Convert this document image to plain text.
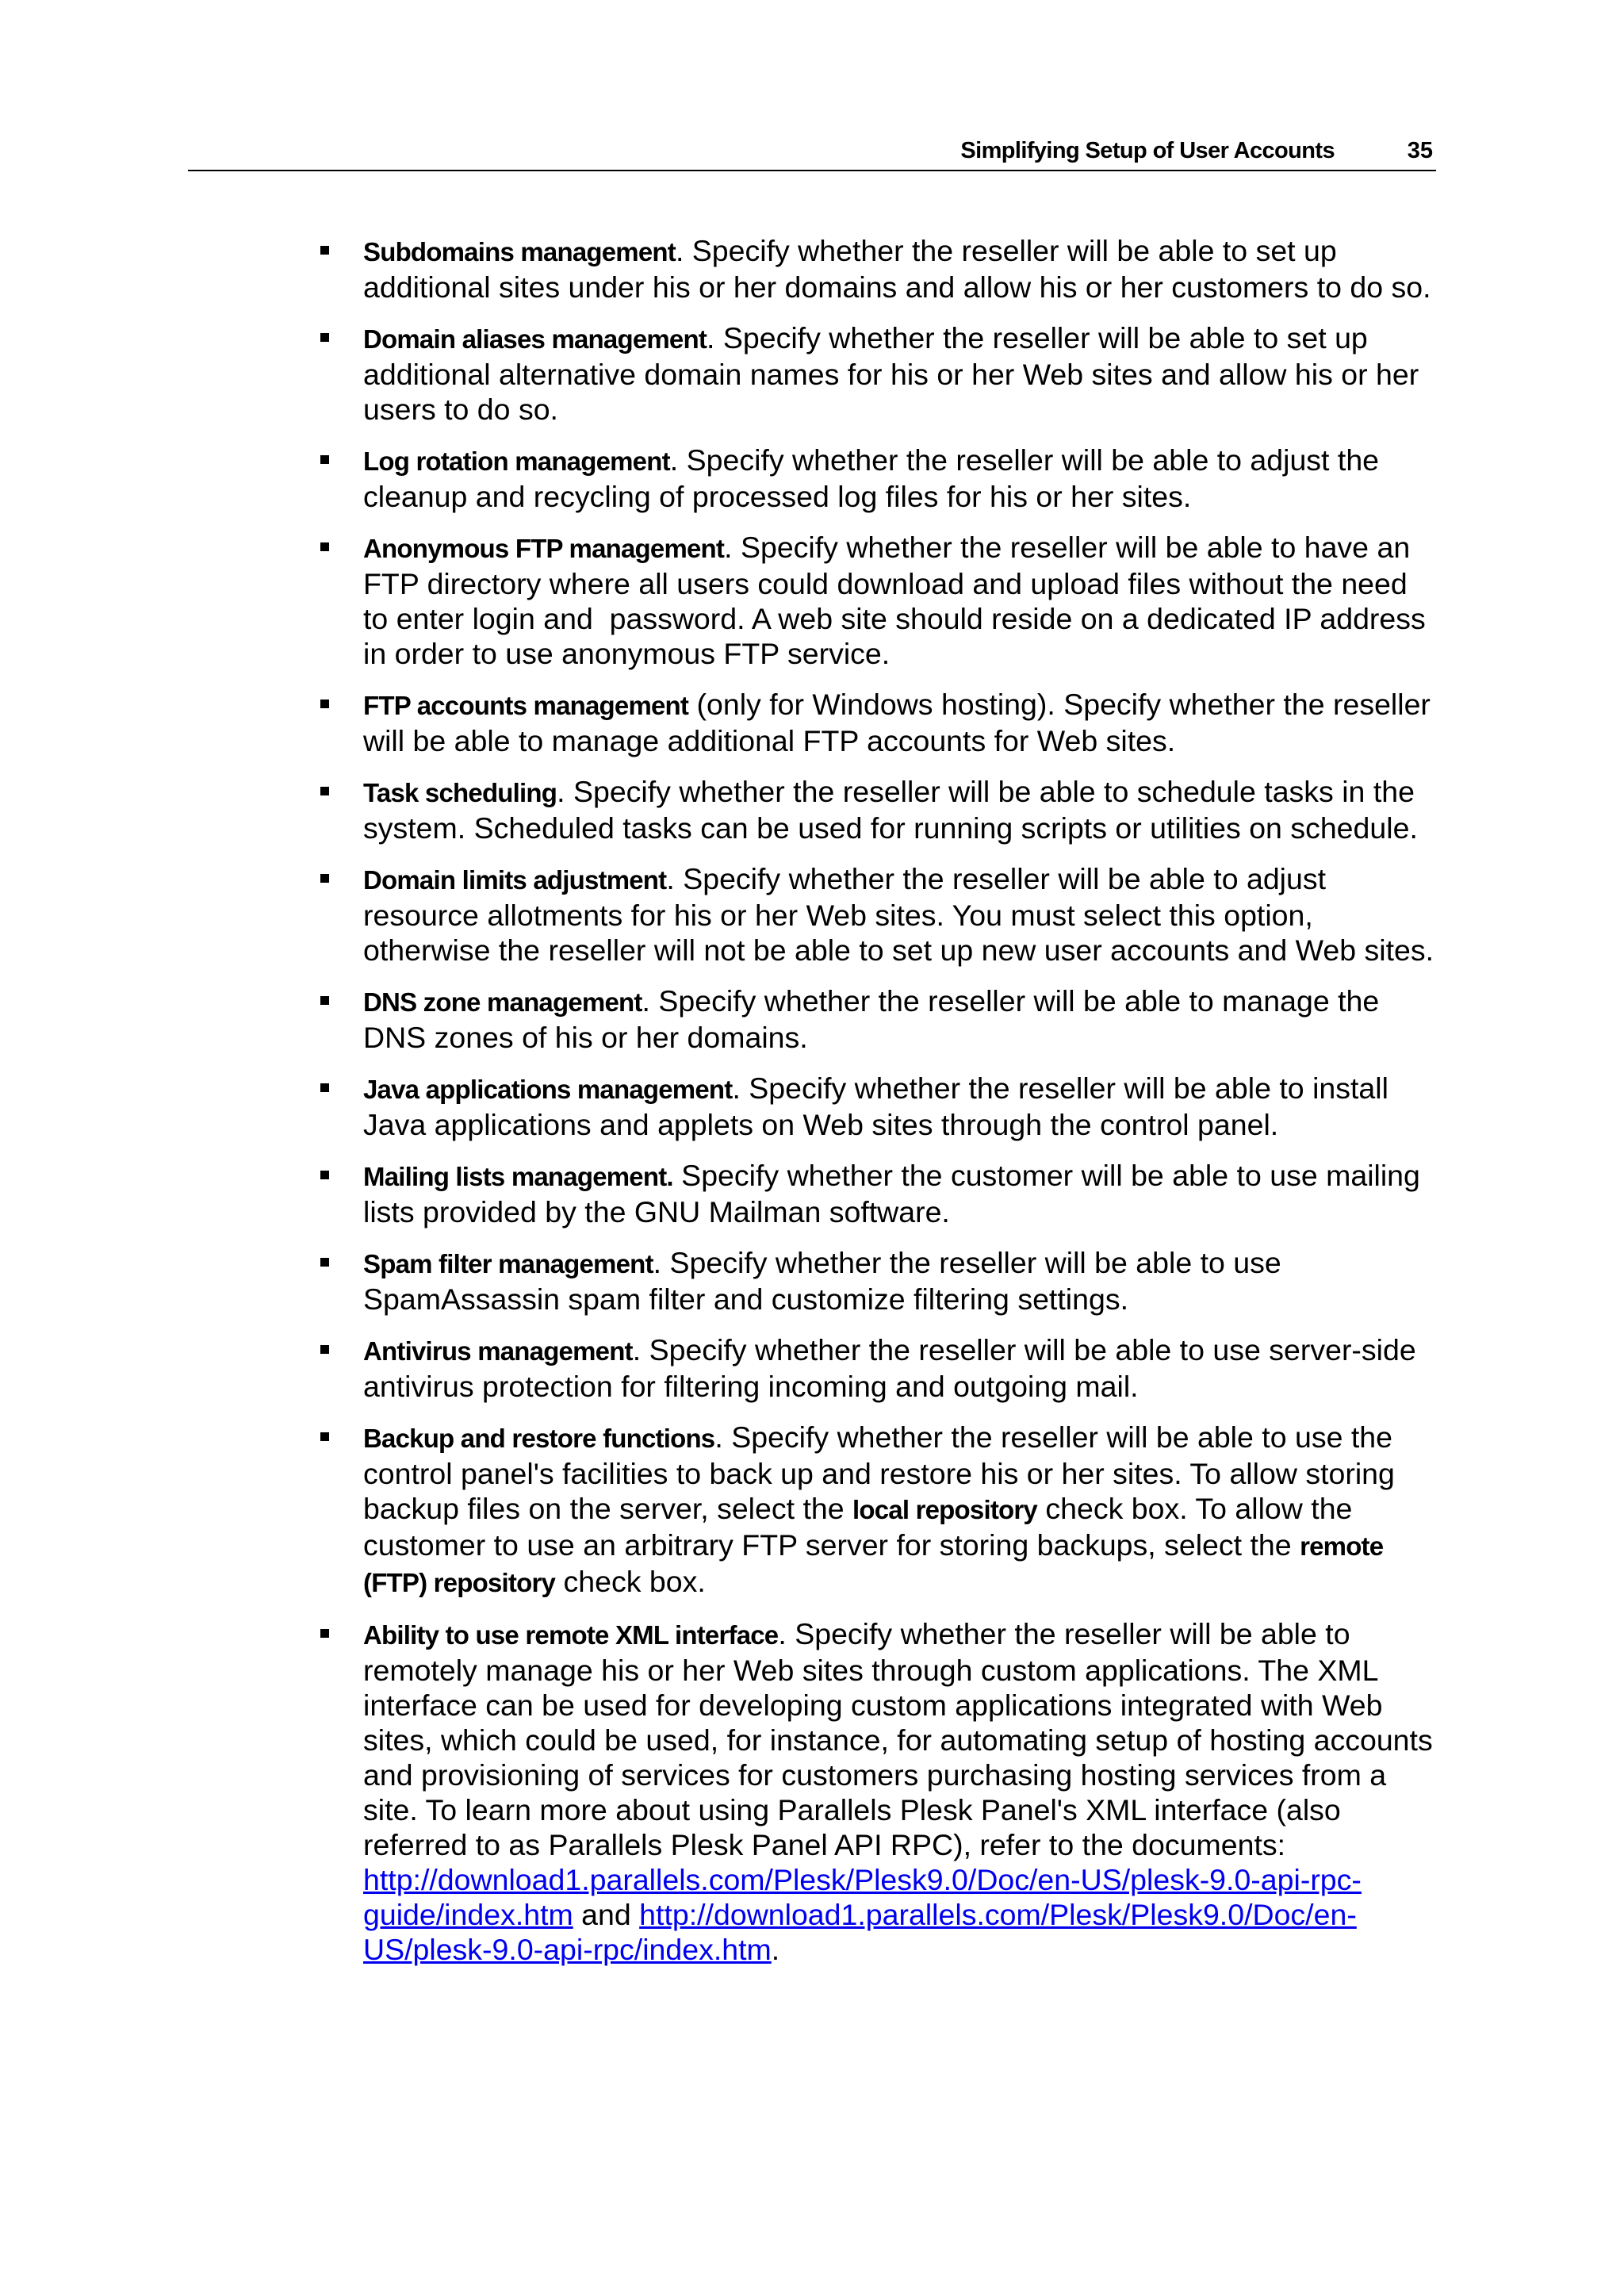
Simplifying Setup of User Accounts	35
Subdomains management. Specify whether the reseller will be able to set up additional sites under his or her domains and allow his or her customers to do so.
Domain aliases management. Specify whether the reseller will be able to set up additional alternative domain names for his or her Web sites and allow his or her users to do so.
Log rotation management. Specify whether the reseller will be able to adjust the cleanup and recycling of processed log files for his or her sites.
Anonymous FTP management. Specify whether the reseller will be able to have an FTP directory where all users could download and upload files without the need to enter login and  password. A web site should reside on a dedicated IP address in order to use anonymous FTP service.
FTP accounts management (only for Windows hosting). Specify whether the reseller will be able to manage additional FTP accounts for Web sites.
Task scheduling. Specify whether the reseller will be able to schedule tasks in the system. Scheduled tasks can be used for running scripts or utilities on schedule.
Domain limits adjustment. Specify whether the reseller will be able to adjust resource allotments for his or her Web sites. You must select this option, otherwise the reseller will not be able to set up new user accounts and Web sites.
DNS zone management. Specify whether the reseller will be able to manage the DNS zones of his or her domains.
Java applications management. Specify whether the reseller will be able to install Java applications and applets on Web sites through the control panel.
Mailing lists management. Specify whether the customer will be able to use mailing lists provided by the GNU Mailman software.
Spam filter management. Specify whether the reseller will be able to use SpamAssassin spam filter and customize filtering settings.
Antivirus management. Specify whether the reseller will be able to use server-side antivirus protection for filtering incoming and outgoing mail.
Backup and restore functions. Specify whether the reseller will be able to use the control panel's facilities to back up and restore his or her sites. To allow storing backup files on the server, select the local repository check box. To allow the customer to use an arbitrary FTP server for storing backups, select the remote (FTP) repository check box.
Ability to use remote XML interface. Specify whether the reseller will be able to remotely manage his or her Web sites through custom applications. The XML interface can be used for developing custom applications integrated with Web sites, which could be used, for instance, for automating setup of hosting accounts and provisioning of services for customers purchasing hosting services from a site. To learn more about using Parallels Plesk Panel's XML interface (also referred to as Parallels Plesk Panel API RPC), refer to the documents: http://download1.parallels.com/Plesk/Plesk9.0/Doc/en-US/plesk-9.0-api-rpc-guide/index.htm and http://download1.parallels.com/Plesk/Plesk9.0/Doc/en-US/plesk-9.0-api-rpc/index.htm.
